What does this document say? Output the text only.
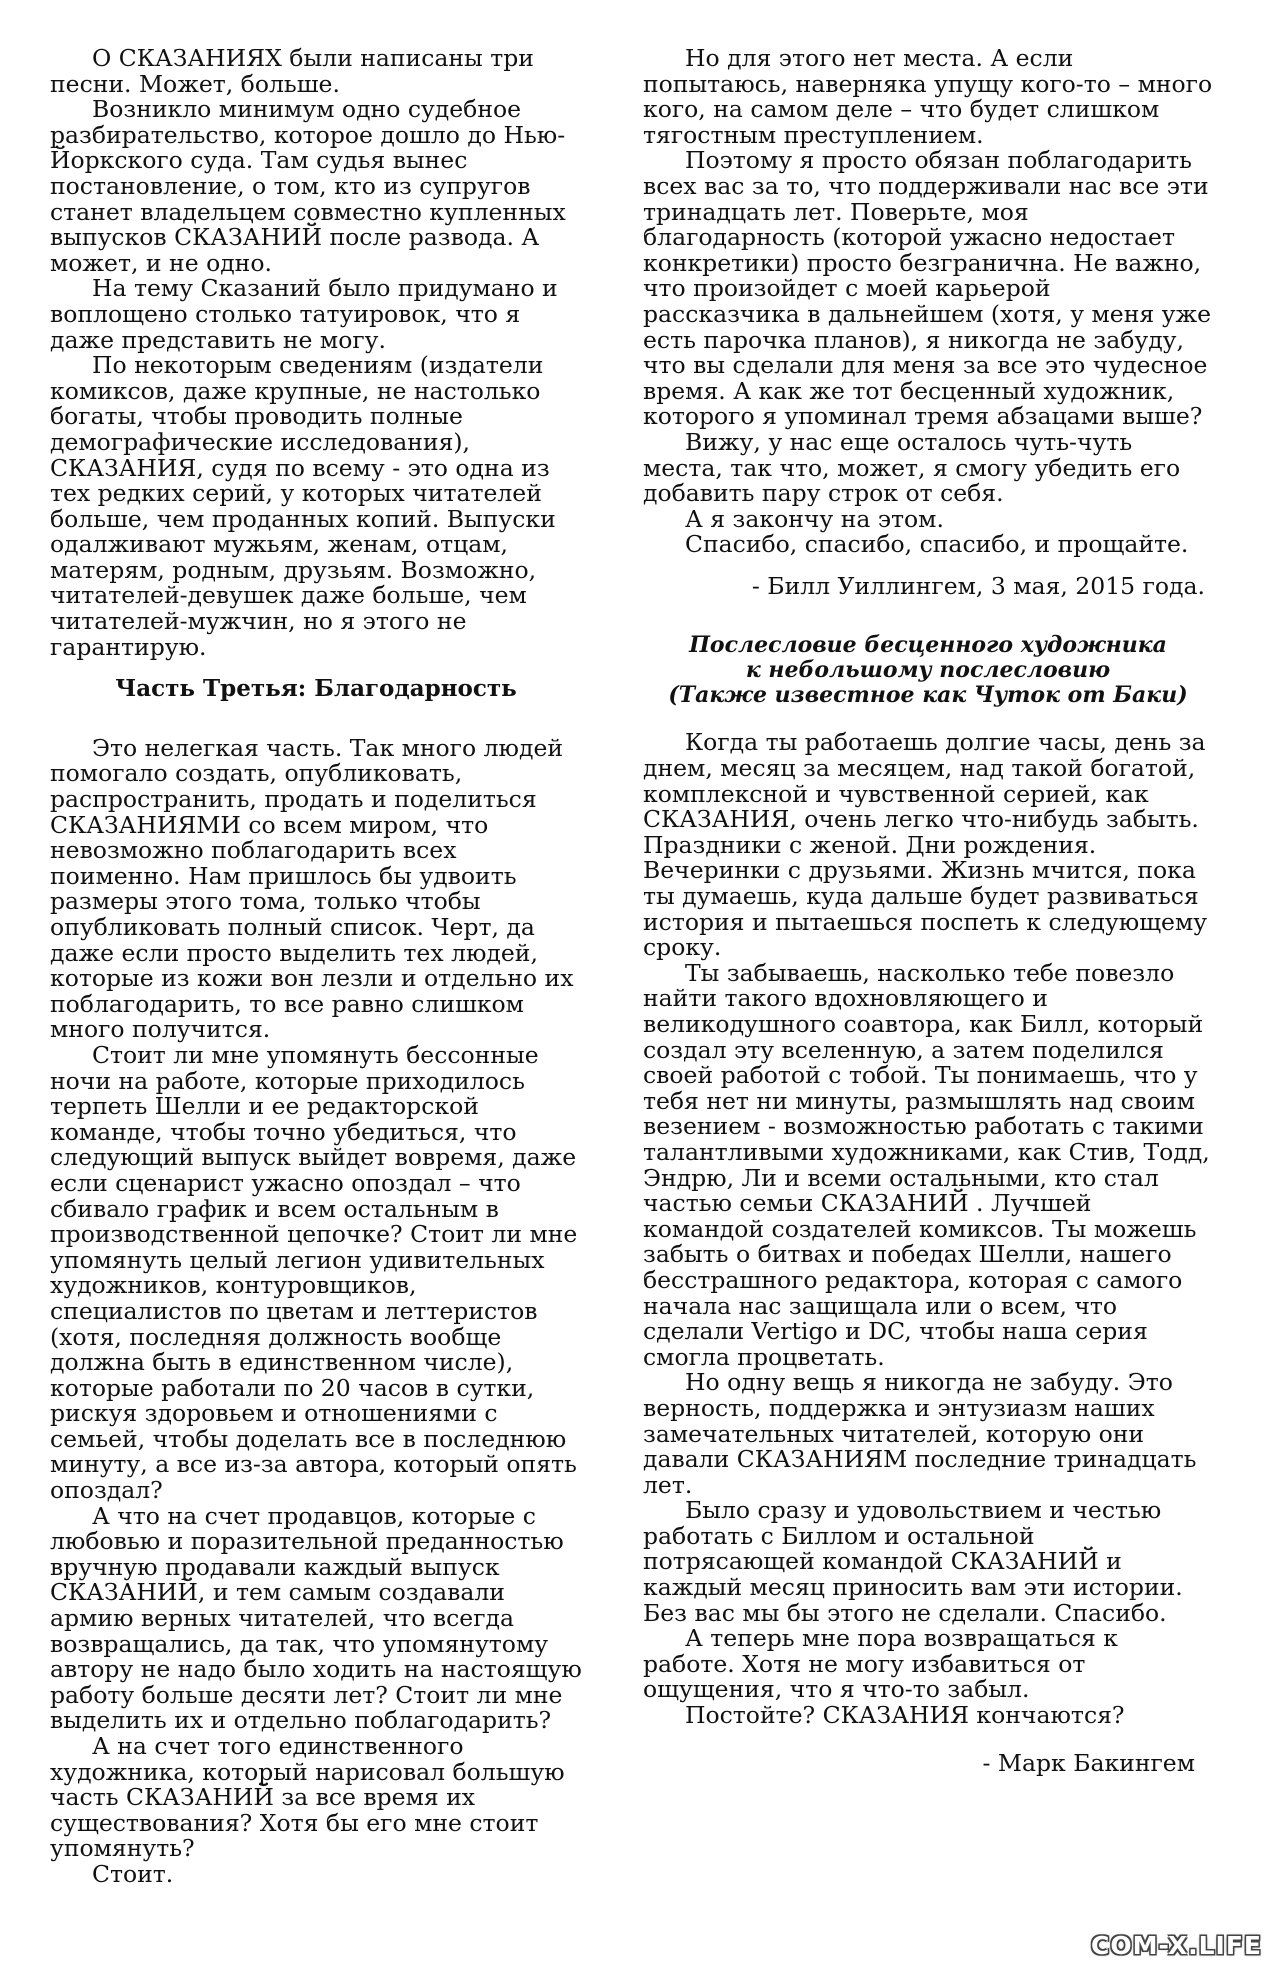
О СКАЗАНИЯХ были написаны три песни. Может, больше.

Возникло минимум одно судебное разбирательство, которое дошло до Нью-Йоркского суда. Там судья вынес постановление, о том, кто из супругов станет владельцем совместно купленных выпусков СКАЗАНИЙ после развода. А может, и не одно.

На тему Сказаний было придумано и воплощено столько татуировок, что я даже представить не могу.

По некоторым сведениям (издатели комиксов, даже крупные, не настолько богаты, чтобы проводить полные демографические исследования), СКАЗАНИЯ, судя по всему - это одна из тех редких серий, у которых читателей больше, чем проданных копий. Выпуски одалживают мужьям, женам, отцам, матерям, родным, друзьям. Возможно, читателей-девушек даже больше, чем читателей-мужчин, но я этого не гарантирую.

Часть Третья: Благодарность

Это нелегкая часть. Так много людей помогало создать, опубликовать, распространить, продать и поделиться СКАЗАНИЯМИ со всем миром, что невозможно поблагодарить всех поименно. Нам пришлось бы удвоить размеры этого тома, только чтобы опубликовать полный список. Черт, да даже если просто выделить тех людей, которые из кожи вон лезли и отдельно их поблагодарить, то все равно слишком много получится.

Стоит ли мне упомянуть бессонные ночи на работе, которые приходилось терпеть Шелли и ее редакторской команде, чтобы точно убедиться, что следующий выпуск выйдет вовремя, даже если сценарист ужасно опоздал – что сбивало график и всем остальным в производственной цепочке? Стоит ли мне упомянуть целый легион удивительных художников, контуровщиков, специалистов по цветам и леттеристов (хотя, последняя должность вообще должна быть в единственном числе), которые работали по 20 часов в сутки, рискуя здоровьем и отношениями с семьей, чтобы доделать все в последнюю минуту, а все из-за автора, который опять опоздал?

А что на счет продавцов, которые с любовью и поразительной преданностью вручную продавали каждый выпуск СКАЗАНИЙ, и тем самым создавали армию верных читателей, что всегда возвращались, да так, что упомянутому автору не надо было ходить на настоящую работу больше десяти лет? Стоит ли мне выделить их и отдельно поблагодарить?

А на счет того единственного художника, который нарисовал большую часть СКАЗАНИЙ за все время их существования? Хотя бы его мне стоит упомянуть?

Стоит.

Но для этого нет места. А если попытаюсь, наверняка упущу кого-то – много кого, на самом деле – что будет слишком тягостным преступлением.

Поэтому я просто обязан поблагодарить всех вас за то, что поддерживали нас все эти тринадцать лет. Поверьте, моя благодарность (которой ужасно недостает конкретики) просто безгранична. Не важно, что произойдет с моей карьерой рассказчика в дальнейшем (хотя, у меня уже есть парочка планов), я никогда не забуду, что вы сделали для меня за все это чудесное время. А как же тот бесценный художник, которого я упоминал тремя абзацами выше?

Вижу, у нас еще осталось чуть-чуть места, так что, может, я смогу убедить его добавить пару строк от себя.

А я закончу на этом.

Спасибо, спасибо, спасибо, и прощайте.

- Билл Уиллингем, 3 мая, 2015 года.
Послесловие бесценного художника
к небольшому послесловию
(Также известное как Чуток от Баки)

Когда ты работаешь долгие часы, день за днем, месяц за месяцем, над такой богатой, комплексной и чувственной серией, как СКАЗАНИЯ, очень легко что-нибудь забыть. Праздники с женой. Дни рождения. Вечеринки с друзьями. Жизнь мчится, пока ты думаешь, куда дальше будет развиваться история и пытаешься поспеть к следующему сроку.

Ты забываешь, насколько тебе повезло найти такого вдохновляющего и великодушного соавтора, как Билл, который создал эту вселенную, а затем поделился своей работой с тобой. Ты понимаешь, что у тебя нет ни минуты, размышлять над своим везением - возможностью работать с такими талантливыми художниками, как Стив, Тодд, Эндрю, Ли и всеми остальными, кто стал частью семьи СКАЗАНИЙ . Лучшей командой создателей комиксов. Ты можешь забыть о битвах и победах Шелли, нашего бесстрашного редактора, которая с самого начала нас защищала или о всем, что сделали Vertigo и DC, чтобы наша серия смогла процветать.

Но одну вещь я никогда не забуду. Это верность, поддержка и энтузиазм наших замечательных читателей, которую они давали СКАЗАНИЯМ последние тринадцать лет.

Было сразу и удовольствием и честью работать с Биллом и остальной потрясающей командой СКАЗАНИЙ и каждый месяц приносить вам эти истории. Без вас мы бы этого не сделали. Спасибо.

А теперь мне пора возвращаться к работе. Хотя не могу избавиться от ощущения, что я что-то забыл.

Постойте? СКАЗАНИЯ кончаются?

- Марк Бакингем
COM-X.LIFE
